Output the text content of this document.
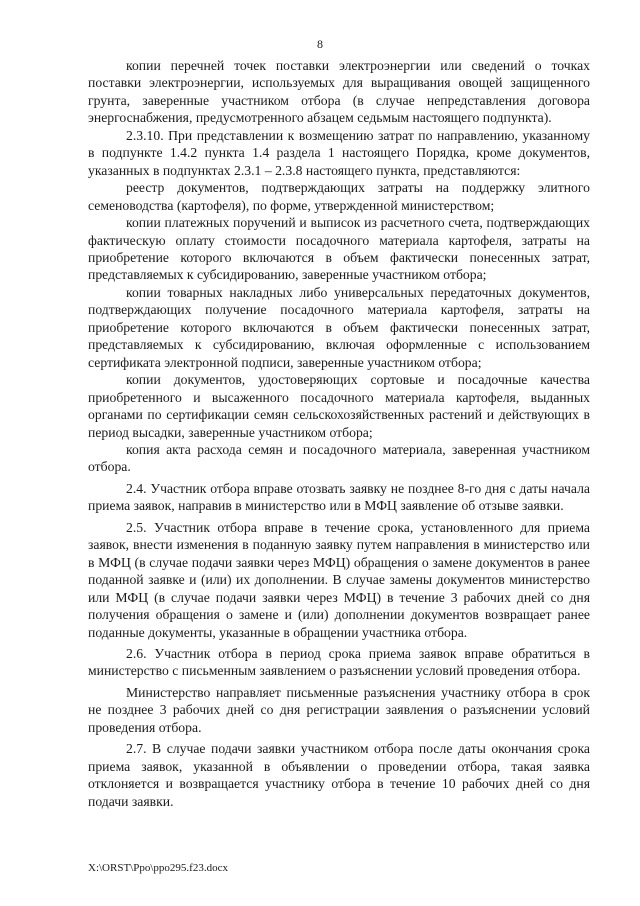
8

копии перечней точек поставки электроэнергии или сведений о точках поставки электроэнергии, используемых для выращивания овощей защищенного грунта, заверенные участником отбора (в случае непредставления договора энергоснабжения, предусмотренного абзацем седьмым настоящего подпункта).

2.3.10. При представлении к возмещению затрат по направлению, указанному в подпункте 1.4.2 пункта 1.4 раздела 1 настоящего Порядка, кроме документов, указанных в подпунктах 2.3.1 – 2.3.8 настоящего пункта, представляются:

реестр документов, подтверждающих затраты на поддержку элитного семеноводства (картофеля), по форме, утвержденной министерством;

копии платежных поручений и выписок из расчетного счета, подтверждающих фактическую оплату стоимости посадочного материала картофеля, затраты на приобретение которого включаются в объем фактически понесенных затрат, представляемых к субсидированию, заверенные участником отбора;

копии товарных накладных либо универсальных передаточных документов, подтверждающих получение посадочного материала картофеля, затраты на приобретение которого включаются в объем фактически понесенных затрат, представляемых к субсидированию, включая оформленные с использованием сертификата электронной подписи, заверенные участником отбора;

копии документов, удостоверяющих сортовые и посадочные качества приобретенного и высаженного посадочного материала картофеля, выданных органами по сертификации семян сельскохозяйственных растений и действующих в период высадки, заверенные участником отбора;

копия акта расхода семян и посадочного материала, заверенная участником отбора.

2.4. Участник отбора вправе отозвать заявку не позднее 8-го дня с даты начала приема заявок, направив в министерство или в МФЦ заявление об отзыве заявки.

2.5. Участник отбора вправе в течение срока, установленного для приема заявок, внести изменения в поданную заявку путем направления в министерство или в МФЦ (в случае подачи заявки через МФЦ) обращения о замене документов в ранее поданной заявке и (или) их дополнении. В случае замены документов министерство или МФЦ (в случае подачи заявки через МФЦ) в течение 3 рабочих дней со дня получения обращения о замене и (или) дополнении документов возвращает ранее поданные документы, указанные в обращении участника отбора.

2.6. Участник отбора в период срока приема заявок вправе обратиться в министерство с письменным заявлением о разъяснении условий проведения отбора.

Министерство направляет письменные разъяснения участнику отбора в срок не позднее 3 рабочих дней со дня регистрации заявления о разъяснении условий проведения отбора.

2.7. В случае подачи заявки участником отбора после даты окончания срока приема заявок, указанной в объявлении о проведении отбора, такая заявка отклоняется и возвращается участнику отбора в течение 10 рабочих дней со дня подачи заявки.

X:\ORST\Ppo\ppo295.f23.docx
